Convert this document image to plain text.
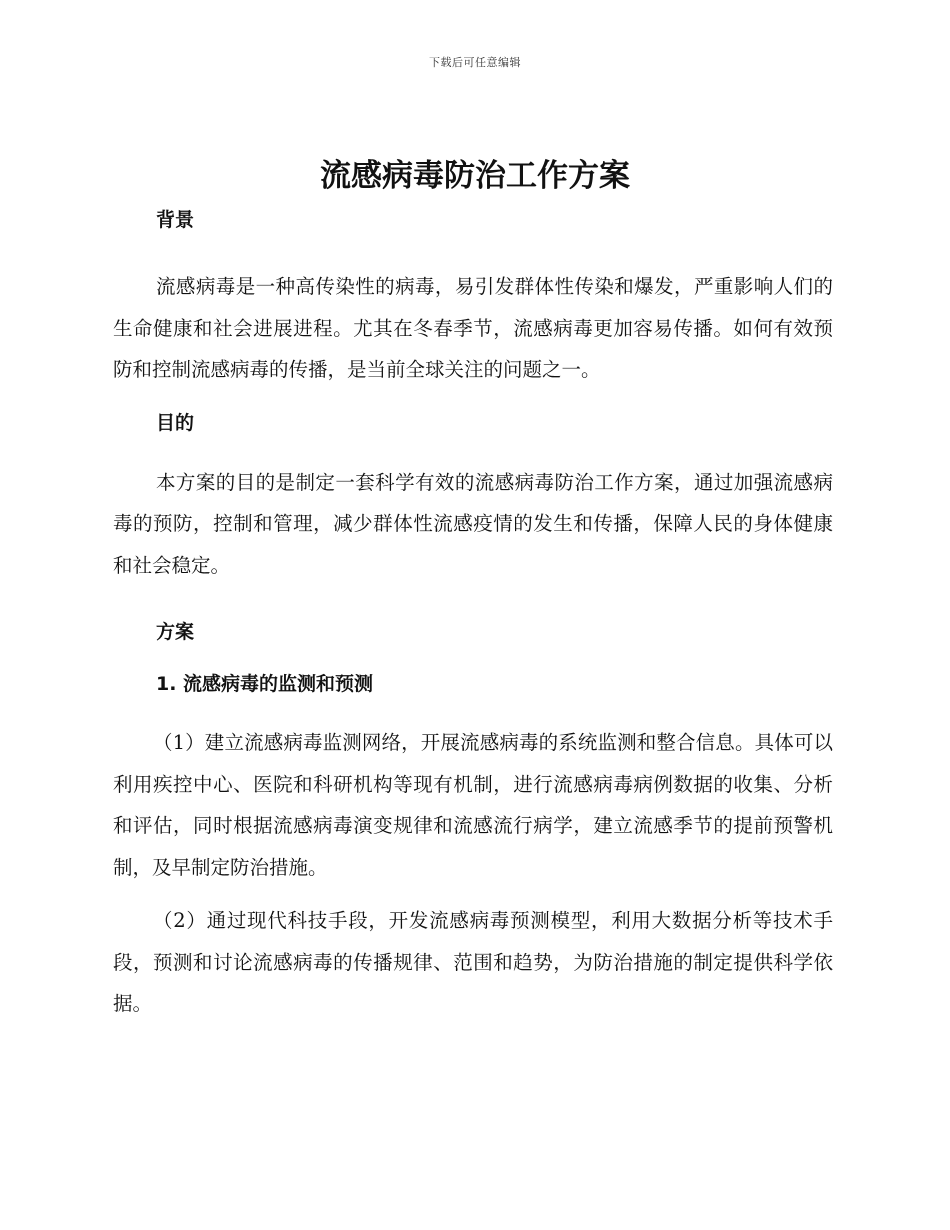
下载后可任意编辑
流感病毒防治工作方案

背景

流感病毒是一种高传染性的病毒，易引发群体性传染和爆发，严重影响人们的生命健康和社会进展进程。尤其在冬春季节，流感病毒更加容易传播。如何有效预防和控制流感病毒的传播，是当前全球关注的问题之一。

目的

本方案的目的是制定一套科学有效的流感病毒防治工作方案，通过加强流感病毒的预防，控制和管理，减少群体性流感疫情的发生和传播，保障人民的身体健康和社会稳定。

方案

1. 流感病毒的监测和预测

（1）建立流感病毒监测网络，开展流感病毒的系统监测和整合信息。具体可以利用疾控中心、医院和科研机构等现有机制，进行流感病毒病例数据的收集、分析和评估，同时根据流感病毒演变规律和流感流行病学，建立流感季节的提前预警机制，及早制定防治措施。

（2）通过现代科技手段，开发流感病毒预测模型，利用大数据分析等技术手段，预测和讨论流感病毒的传播规律、范围和趋势，为防治措施的制定提供科学依据。
